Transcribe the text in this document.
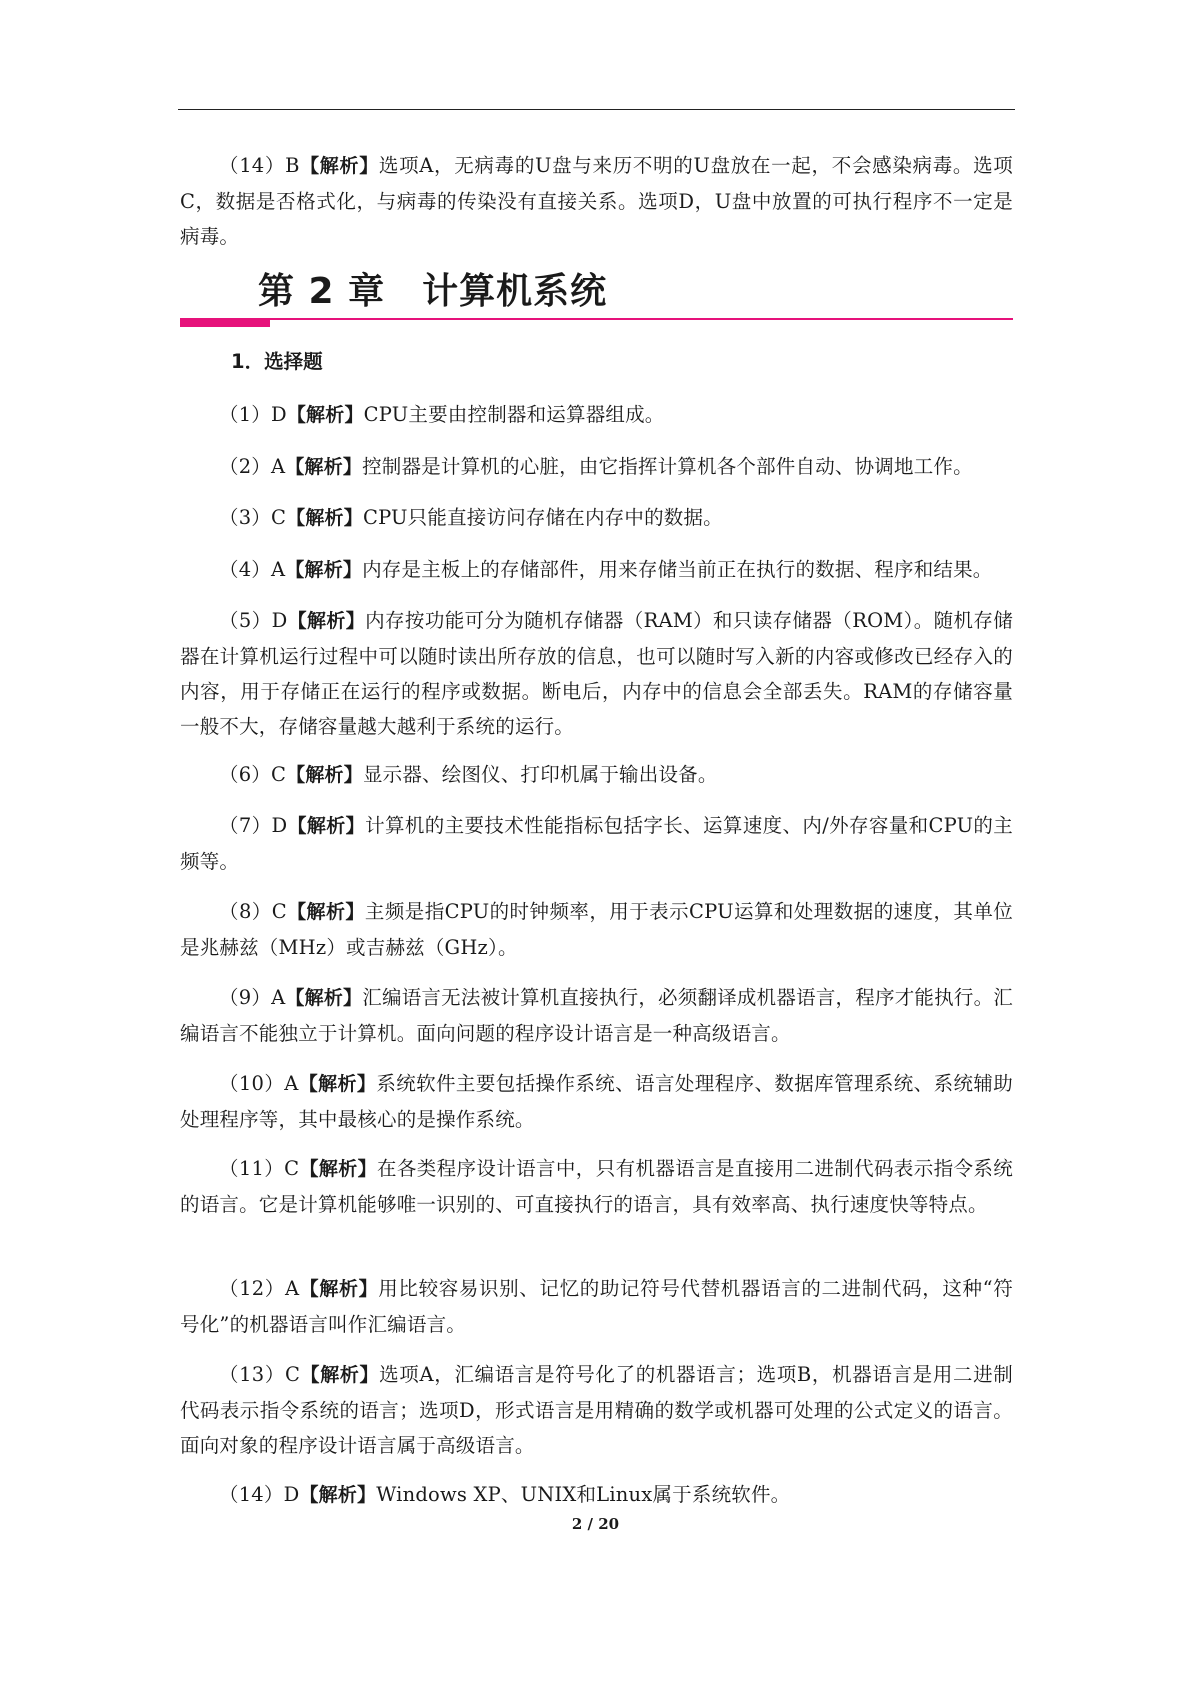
（14）B【解析】选项A，无病毒的U盘与来历不明的U盘放在一起，不会感染病毒。选项C，数据是否格式化，与病毒的传染没有直接关系。选项D，U盘中放置的可执行程序不一定是病毒。

第 2 章　计算机系统
1．选择题

（1）D【解析】CPU主要由控制器和运算器组成。

（2）A【解析】控制器是计算机的心脏，由它指挥计算机各个部件自动、协调地工作。

（3）C【解析】CPU只能直接访问存储在内存中的数据。

（4）A【解析】内存是主板上的存储部件，用来存储当前正在执行的数据、程序和结果。

（5）D【解析】内存按功能可分为随机存储器（RAM）和只读存储器（ROM）。随机存储器在计算机运行过程中可以随时读出所存放的信息，也可以随时写入新的内容或修改已经存入的内容，用于存储正在运行的程序或数据。断电后，内存中的信息会全部丢失。RAM的存储容量一般不大，存储容量越大越利于系统的运行。

（6）C【解析】显示器、绘图仪、打印机属于输出设备。

（7）D【解析】计算机的主要技术性能指标包括字长、运算速度、内/外存容量和CPU的主频等。

（8）C【解析】主频是指CPU的时钟频率，用于表示CPU运算和处理数据的速度，其单位是兆赫兹（MHz）或吉赫兹（GHz）。

（9）A【解析】汇编语言无法被计算机直接执行，必须翻译成机器语言，程序才能执行。汇编语言不能独立于计算机。面向问题的程序设计语言是一种高级语言。

（10）A【解析】系统软件主要包括操作系统、语言处理程序、数据库管理系统、系统辅助处理程序等，其中最核心的是操作系统。

（11）C【解析】在各类程序设计语言中，只有机器语言是直接用二进制代码表示指令系统的语言。它是计算机能够唯一识别的、可直接执行的语言，具有效率高、执行速度快等特点。

（12）A【解析】用比较容易识别、记忆的助记符号代替机器语言的二进制代码，这种“符号化”的机器语言叫作汇编语言。

（13）C【解析】选项A，汇编语言是符号化了的机器语言；选项B，机器语言是用二进制代码表示指令系统的语言；选项D，形式语言是用精确的数学或机器可处理的公式定义的语言。面向对象的程序设计语言属于高级语言。

（14）D【解析】Windows XP、UNIX和Linux属于系统软件。

2 / 20
